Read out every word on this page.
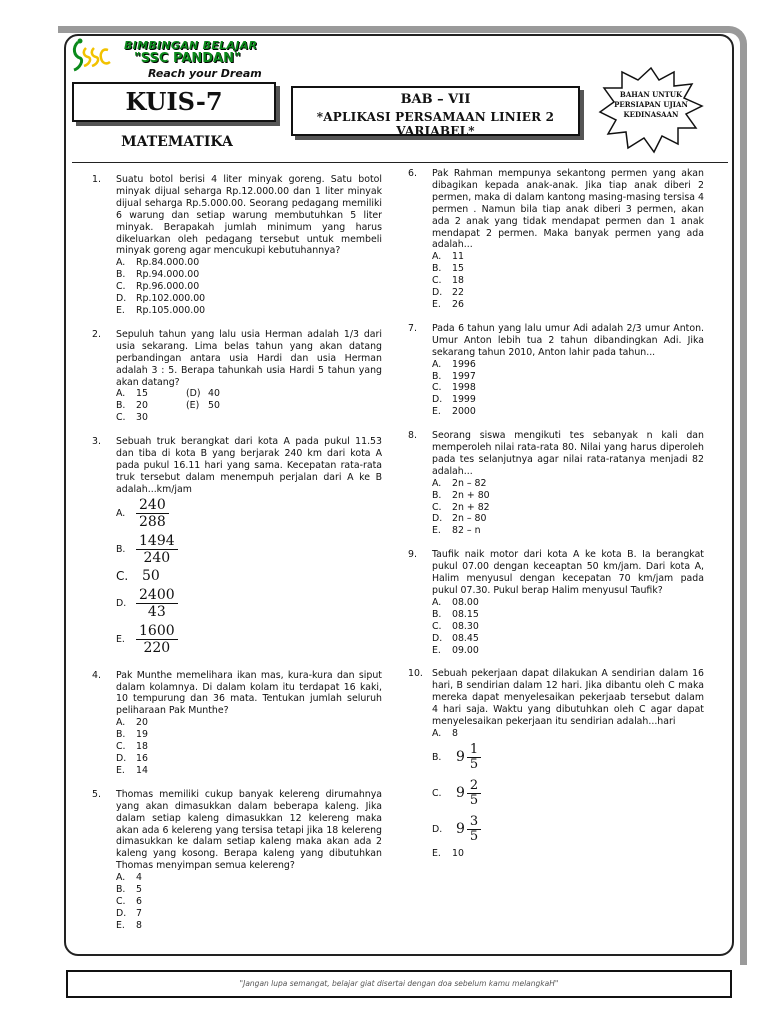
BIMBINGAN BELAJAR
"SSC PANDAN"
Reach your Dream
KUIS-7
MATEMATIKA
BAB – VII
*APLIKASI PERSAMAAN LINIER 2 VARIABEL*
BAHAN UNTUK PERSIAPAN UJIAN KEDINASAAN
1. Suatu botol berisi 4 liter minyak goreng. Satu botol minyak dijual seharga Rp.12.000.00 dan 1 liter minyak dijual seharga Rp.5.000.00. Seorang pedagang memiliki 6 warung dan setiap warung membutuhkan 5 liter minyak. Berapakah jumlah minimum yang harus dikeluarkan oleh pedagang tersebut untuk membeli minyak goreng agar mencukupi kebutuhannya?
A.	Rp.84.000.00
B.	Rp.94.000.00
C.	Rp.96.000.00
D.	Rp.102.000.00
E.	Rp.105.000.00
2. Sepuluh tahun yang lalu usia Herman adalah 1/3 dari usia sekarang. Lima belas tahun yang akan datang perbandingan antara usia Hardi dan usia Herman adalah 3 : 5. Berapa tahunkah usia Hardi 5 tahun yang akan datang?
A.	15	(D) 40
B.	20	(E) 50
C.	30
3. Sebuah truk berangkat dari kota A pada pukul 11.53 dan tiba di kota B yang berjarak 240 km dari kota A pada pukul 16.11 hari yang sama. Kecepatan rata-rata truk tersebut dalam menempuh perjalan dari A ke B adalah...km/jam
A. $\frac{240}{288}$
B. $\frac{1494}{240}$
C. 50
D. $\frac{2400}{43}$
E. $\frac{1600}{220}$
4. Pak Munthe memelihara ikan mas, kura-kura dan siput dalam kolamnya. Di dalam kolam itu terdapat 16 kaki, 10 tempurung dan 36 mata. Tentukan jumlah seluruh peliharaan Pak Munthe?
A.	20
B.	19
C.	18
D.	16
E.	14
5. Thomas memiliki cukup banyak kelereng dirumahnya yang akan dimasukkan dalam beberapa kaleng. Jika dalam setiap kaleng dimasukkan 12 kelereng maka akan ada 6 kelereng yang tersisa tetapi jika 18 kelereng dimasukkan ke dalam setiap kaleng maka akan ada 2 kaleng yang kosong. Berapa kaleng yang dibutuhkan Thomas menyimpan semua kelereng?
A.	4
B.	5
C.	6
D.	7
E.	8
6. Pak Rahman mempunya sekantong permen yang akan dibagikan kepada anak-anak. Jika tiap anak diberi 2 permen, maka di dalam kantong masing-masing tersisa 4 permen . Namun bila tiap anak diberi 3 permen, akan ada 2 anak yang tidak mendapat permen dan 1 anak mendapat 2 permen. Maka banyak permen yang ada adalah...
A.	11
B.	15
C.	18
D.	22
E.	26
7. Pada 6 tahun yang lalu umur Adi adalah 2/3 umur Anton. Umur Anton lebih tua 2 tahun dibandingkan Adi. Jika sekarang tahun 2010, Anton lahir pada tahun...
A.	1996
B.	1997
C.	1998
D.	1999
E.	2000
8. Seorang siswa mengikuti tes sebanyak n kali dan memperoleh nilai rata-rata 80. Nilai yang harus diperoleh pada tes selanjutnya agar nilai rata-ratanya menjadi 82 adalah...
A.	2n – 82
B.	2n + 80
C.	2n + 82
D.	2n – 80
E.	82 – n
9. Taufik naik motor dari kota A ke kota B. Ia berangkat pukul 07.00 dengan keceaptan 50 km/jam. Dari kota A, Halim menyusul dengan kecepatan 70 km/jam pada pukul 07.30. Pukul berap Halim menyusul Taufik?
A.	08.00
B.	08.15
C.	08.30
D.	08.45
E.	09.00
10. Sebuah pekerjaan dapat dilakukan A sendirian dalam 16 hari, B sendirian dalam 12 hari. Jika dibantu oleh C maka mereka dapat menyelesaikan pekerjaab tersebut dalam 4 hari saja. Waktu yang dibutuhkan oleh C agar dapat menyelesaikan pekerjaan itu sendirian adalah...hari
A.	8
B.	$9 \frac{1}{5}$
C.	$9 \frac{2}{5}$
D. $9 \frac{3}{5}$
E.	10
"Jangan lupa semangat, belajar giat disertai dengan doa sebelum kamu melangkaH"
